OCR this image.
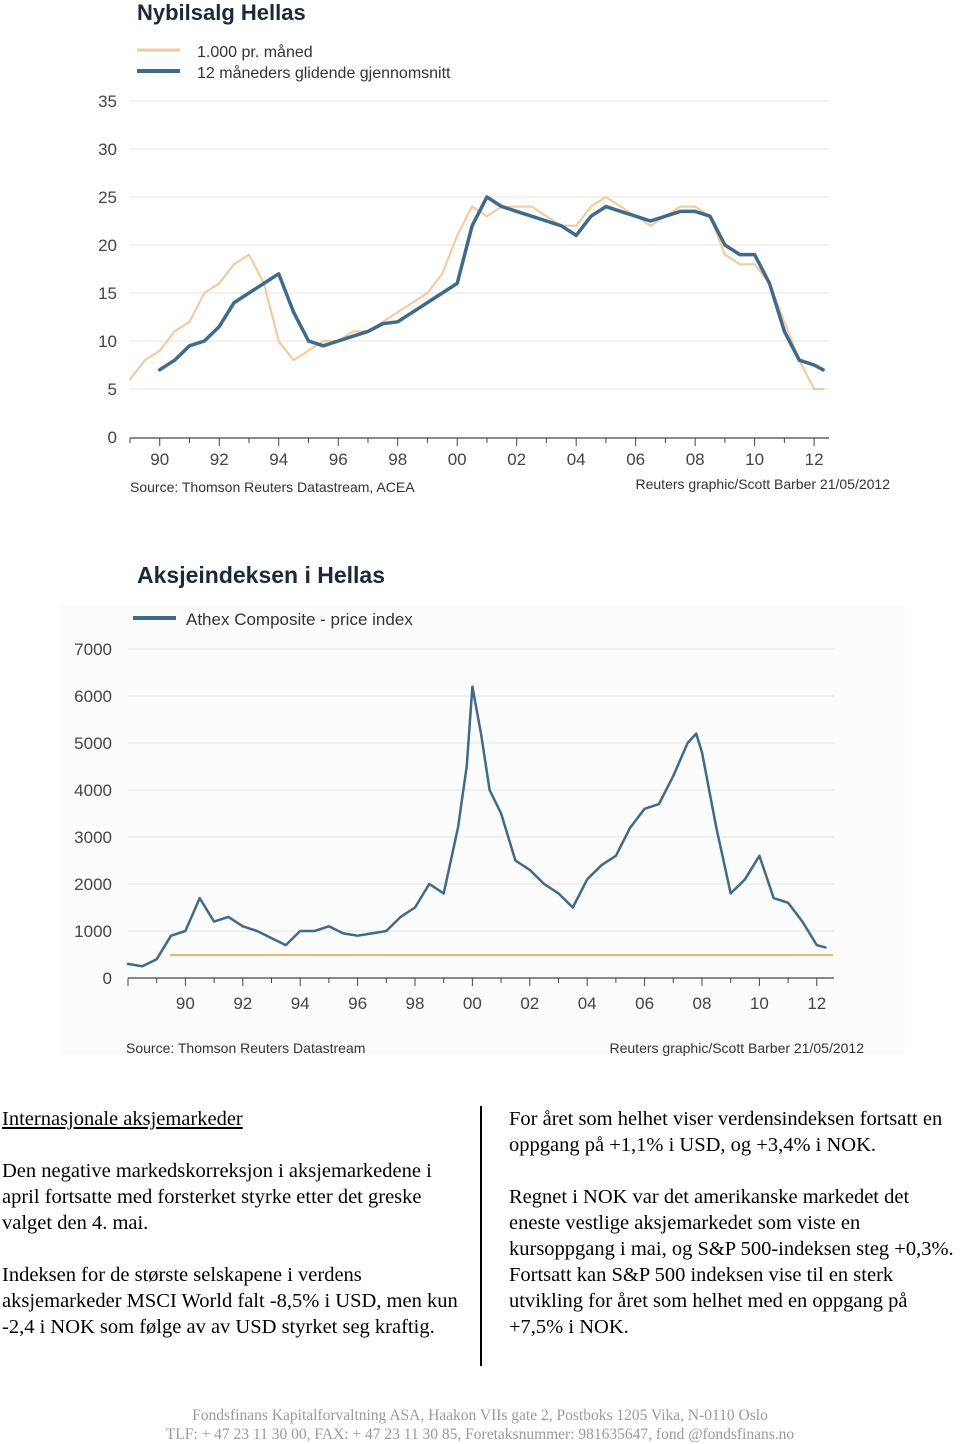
Nybilsalg Hellas
1.000 pr. måned
12 måneders glidende gjennomsnitt
0
5
10
15
20
25
30
35
90 92 94 96 98 00 02 04 06 08 10 12
Source: Thomson Reuters Datastream, ACEA	Reuters graphic/Scott Barber 21/05/2012
Aksjeindeksen i Hellas
Athex Composite - price index
0
1000
2000
3000
4000
5000
6000
7000
90 92 94 96 98 00 02 04 06 08 10 12
Source: Thomson Reuters Datastream	Reuters graphic/Scott Barber 21/05/2012

Internasjonale aksjemarkeder

Den negative markedskorreksjon i aksjemarkedene i april fortsatte med forsterket styrke etter det greske valget den 4. mai.

Indeksen for de største selskapene i verdens aksjemarkeder MSCI World falt -8,5% i USD, men kun -2,4 i NOK som følge av av USD styrket seg kraftig.

For året som helhet viser verdensindeksen fortsatt en oppgang på +1,1% i USD, og +3,4% i NOK.

Regnet i NOK var det amerikanske markedet det eneste vestlige aksjemarkedet som viste en kursoppgang i mai, og S&P 500-indeksen steg +0,3%. Fortsatt kan S&P 500 indeksen vise til en sterk utvikling for året som helhet med en oppgang på +7,5% i NOK.

Fondsfinans Kapitalforvaltning ASA, Haakon VIIs gate 2, Postboks 1205 Vika, N-0110 Oslo
TLF: + 47 23 11 30 00, FAX: + 47 23 11 30 85, Foretaksnummer: 981635647, fond @fondsfinans.no
